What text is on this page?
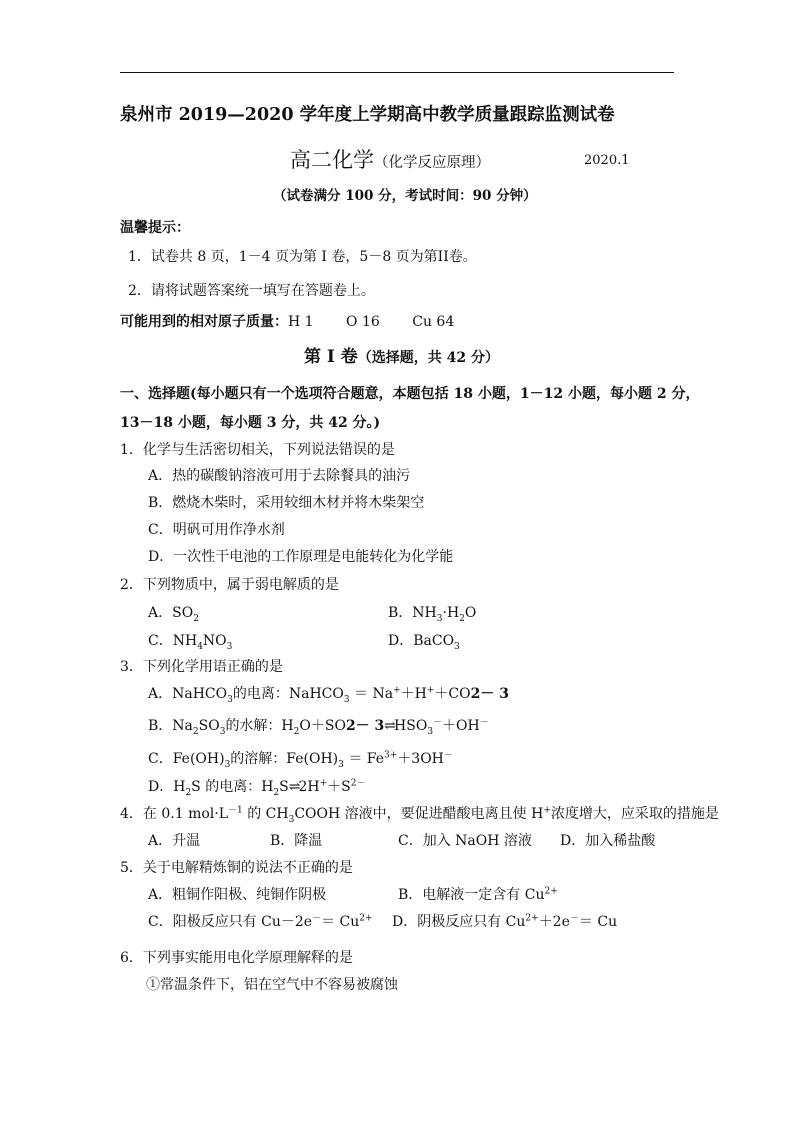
泉州市 2019—2020 学年度上学期高中教学质量跟踪监测试卷
高二化学（化学反应原理）	2020.1
（试卷满分 100 分，考试时间：90 分钟）
温馨提示：
1．试卷共 8 页，1－4 页为第 I 卷，5－8 页为第II卷。
2．请将试题答案统一填写在答题卷上。
可能用到的相对原子质量：H 1 O 16 Cu 64
第 I 卷（选择题，共 42 分）
一、选择题(每小题只有一个选项符合题意，本题包括 18 小题，1－12 小题，每小题 2 分，
13－18 小题，每小题 3 分，共 42 分。)
1．化学与生活密切相关，下列说法错误的是
A．热的碳酸钠溶液可用于去除餐具的油污
B．燃烧木柴时，采用较细木材并将木柴架空
C．明矾可用作净水剂
D．一次性干电池的工作原理是电能转化为化学能
2．下列物质中，属于弱电解质的是
A．$SO_2$	B．$NH_3\cdot H_2O$
C．$NH_4NO_3$	D．BaCO$_3$
3．下列化学用语正确的是
A．NaHCO$_3$的电离：NaHCO$_3$ ＝ Na+＋H+＋CO2－ 3
B．$Na_2SO_3$的水解：$H_2O+SO2-$ $3\rightleftharpoons HSO_3^-+OH^-$
C．$Fe(OH)_3$的溶解：$Fe(OH)_3 = Fe^{3+}+3OH^-$
D．$H_2S$ 的电离：$H_2S\rightleftharpoons 2H^++S^{2-}$
4．在 0.1 $mol\cdot L^{-1}$ 的 $CH_3COOH$ 溶液中，要促进醋酸电离且使 H+浓度增大，应采取的措施是
A．升温	B．降温	C．加入 NaOH 溶液 D．加入稀盐酸
5．关于电解精炼铜的说法不正确的是
A．粗铜作阳极、纯铜作阴极	B．电解液一定含有 $Cu^{2+}$
C．阳极反应只有 $Cu-2e^-= Cu^{2+}$ D．阴极反应只有 $Cu^{2+}+2e^-= Cu$
6．下列事实能用电化学原理解释的是
①常温条件下，铝在空气中不容易被腐蚀
